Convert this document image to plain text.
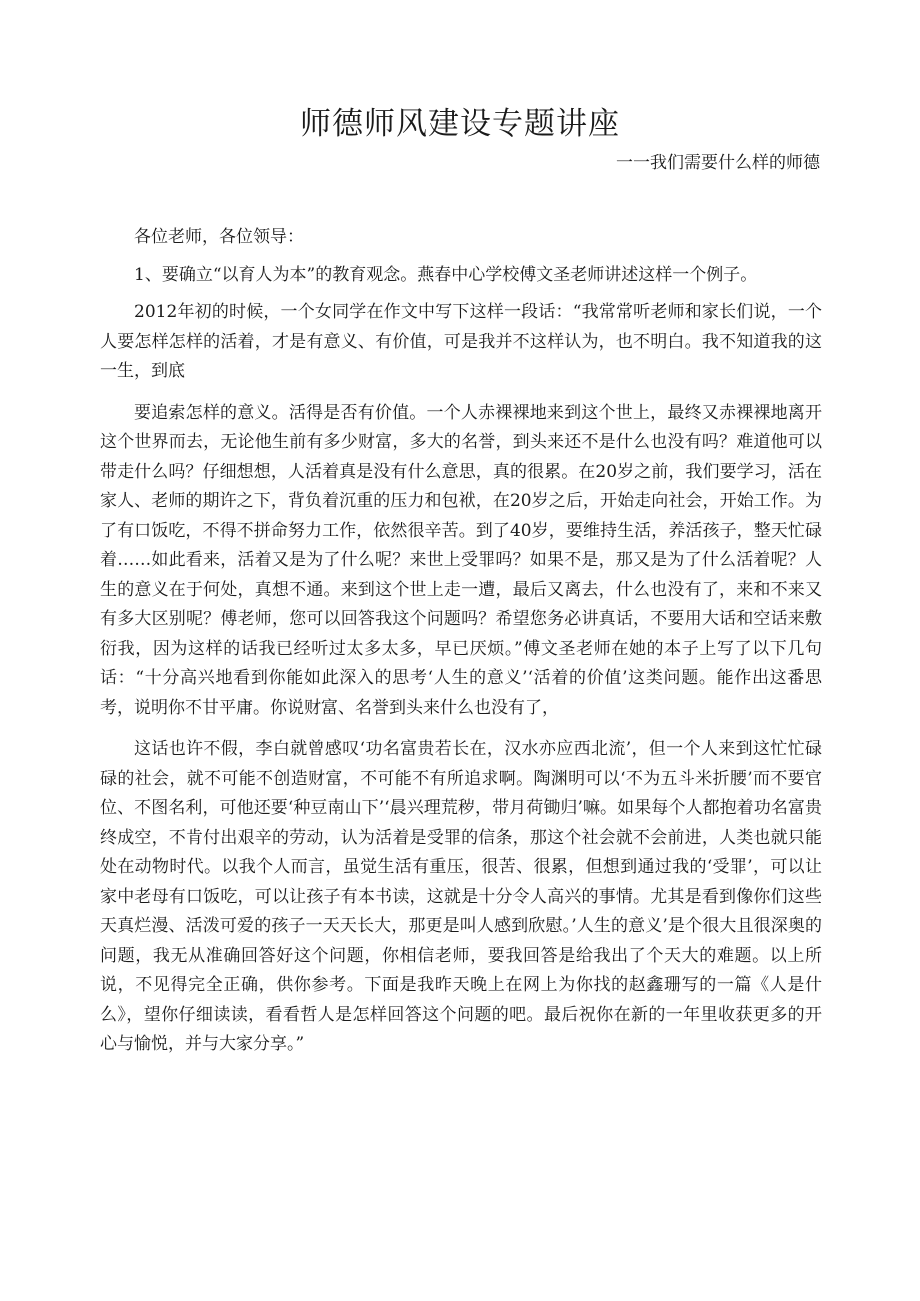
师德师风建设专题讲座
一一我们需要什么样的师德

各位老师，各位领导：

1、要确立“以育人为本”的教育观念。燕春中心学校傅文圣老师讲述这样一个例子。

2012年初的时候，一个女同学在作文中写下这样一段话：“我常常听老师和家长们说，一个人要怎样怎样的活着，才是有意义、有价值，可是我并不这样认为，也不明白。我不知道我的这一生，到底

要追索怎样的意义。活得是否有价值。一个人赤裸裸地来到这个世上，最终又赤裸裸地离开这个世界而去，无论他生前有多少财富，多大的名誉，到头来还不是什么也没有吗？难道他可以带走什么吗？仔细想想，人活着真是没有什么意思，真的很累。在20岁之前，我们要学习，活在家人、老师的期许之下，背负着沉重的压力和包袱，在20岁之后，开始走向社会，开始工作。为了有口饭吃，不得不拼命努力工作，依然很辛苦。到了40岁，要维持生活，养活孩子，整天忙碌着……如此看来，活着又是为了什么呢？来世上受罪吗？如果不是，那又是为了什么活着呢？人生的意义在于何处，真想不通。来到这个世上走一遭，最后又离去，什么也没有了，来和不来又有多大区别呢？傅老师，您可以回答我这个问题吗？希望您务必讲真话，不要用大话和空话来敷衍我，因为这样的话我已经听过太多太多，早已厌烦。”傅文圣老师在她的本子上写了以下几句话：“十分高兴地看到你能如此深入的思考‘人生的意义’‘活着的价值’这类问题。能作出这番思考，说明你不甘平庸。你说财富、名誉到头来什么也没有了，

这话也许不假，李白就曾感叹‘功名富贵若长在，汉水亦应西北流’，但一个人来到这忙忙碌碌的社会，就不可能不创造财富，不可能不有所追求啊。陶渊明可以‘不为五斗米折腰’而不要官位、不图名利，可他还要‘种豆南山下’‘晨兴理荒秽，带月荷锄归’嘛。如果每个人都抱着功名富贵终成空，不肯付出艰辛的劳动，认为活着是受罪的信条，那这个社会就不会前进，人类也就只能处在动物时代。以我个人而言，虽觉生活有重压，很苦、很累，但想到通过我的‘受罪’，可以让家中老母有口饭吃，可以让孩子有本书读，这就是十分令人高兴的事情。尤其是看到像你们这些天真烂漫、活泼可爱的孩子一天天长大，那更是叫人感到欣慰。’人生的意义’是个很大且很深奥的问题，我无从准确回答好这个问题，你相信老师，要我回答是给我出了个天大的难题。以上所说，不见得完全正确，供你参考。下面是我昨天晚上在网上为你找的赵鑫珊写的一篇《人是什么》，望你仔细读读，看看哲人是怎样回答这个问题的吧。最后祝你在新的一年里收获更多的开心与愉悦，并与大家分享。”
